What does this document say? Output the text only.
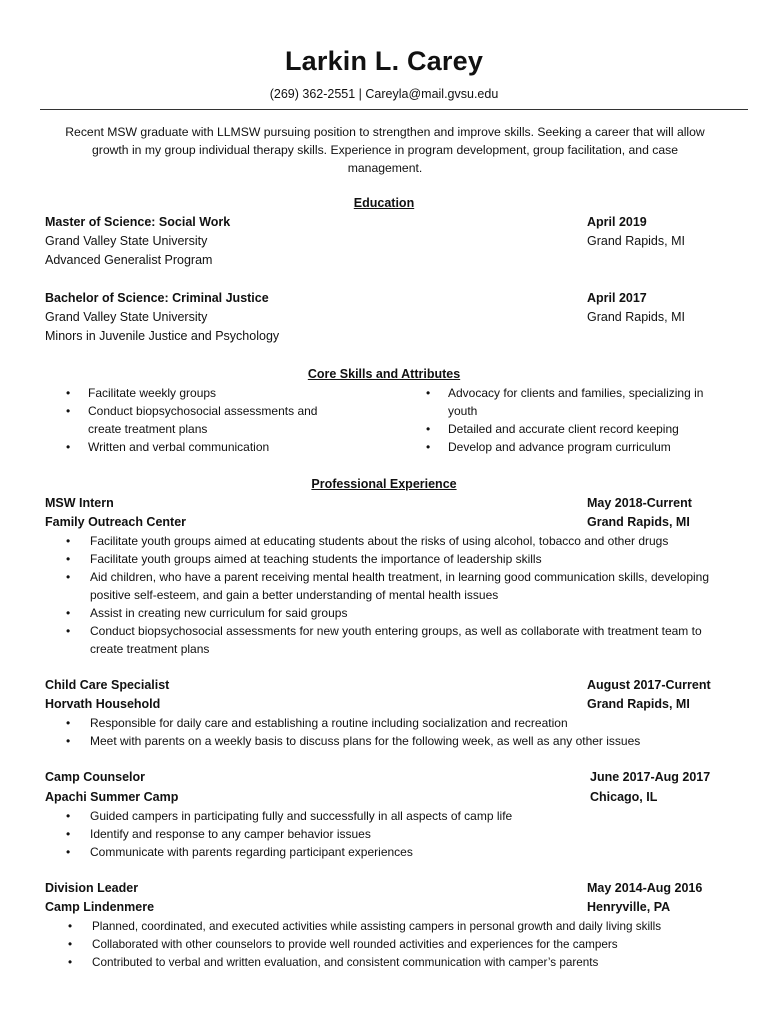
Larkin L. Carey
(269) 362-2551 | Careyla@mail.gvsu.edu
Recent MSW graduate with LLMSW pursuing position to strengthen and improve skills. Seeking a career that will allow growth in my group individual therapy skills. Experience in program development, group facilitation, and case management.
Education
Master of Science: Social Work	April 2019
Grand Valley State University	Grand Rapids, MI
Advanced Generalist Program
Bachelor of Science: Criminal Justice	April 2017
Grand Valley State University	Grand Rapids, MI
Minors in Juvenile Justice and Psychology
Core Skills and Attributes
• Facilitate weekly groups
• Conduct biopsychosocial assessments and create treatment plans
• Written and verbal communication
• Advocacy for clients and families, specializing in youth
• Detailed and accurate client record keeping
• Develop and advance program curriculum
Professional Experience
MSW Intern	May 2018-Current
Family Outreach Center	Grand Rapids, MI
• Facilitate youth groups aimed at educating students about the risks of using alcohol, tobacco and other drugs
• Facilitate youth groups aimed at teaching students the importance of leadership skills
• Aid children, who have a parent receiving mental health treatment, in learning good communication skills, developing positive self-esteem, and gain a better understanding of mental health issues
• Assist in creating new curriculum for said groups
• Conduct biopsychosocial assessments for new youth entering groups, as well as collaborate with treatment team to create treatment plans
Child Care Specialist	August 2017-Current
Horvath Household	Grand Rapids, MI
• Responsible for daily care and establishing a routine including socialization and recreation
• Meet with parents on a weekly basis to discuss plans for the following week, as well as any other issues
Camp Counselor	June 2017-Aug 2017
Apachi Summer Camp	Chicago, IL
• Guided campers in participating fully and successfully in all aspects of camp life
• Identify and response to any camper behavior issues
• Communicate with parents regarding participant experiences
Division Leader	May 2014-Aug 2016
Camp Lindenmere	Henryville, PA
• Planned, coordinated, and executed activities while assisting campers in personal growth and daily living skills
• Collaborated with other counselors to provide well rounded activities and experiences for the campers
• Contributed to verbal and written evaluation, and consistent communication with camper’s parents
